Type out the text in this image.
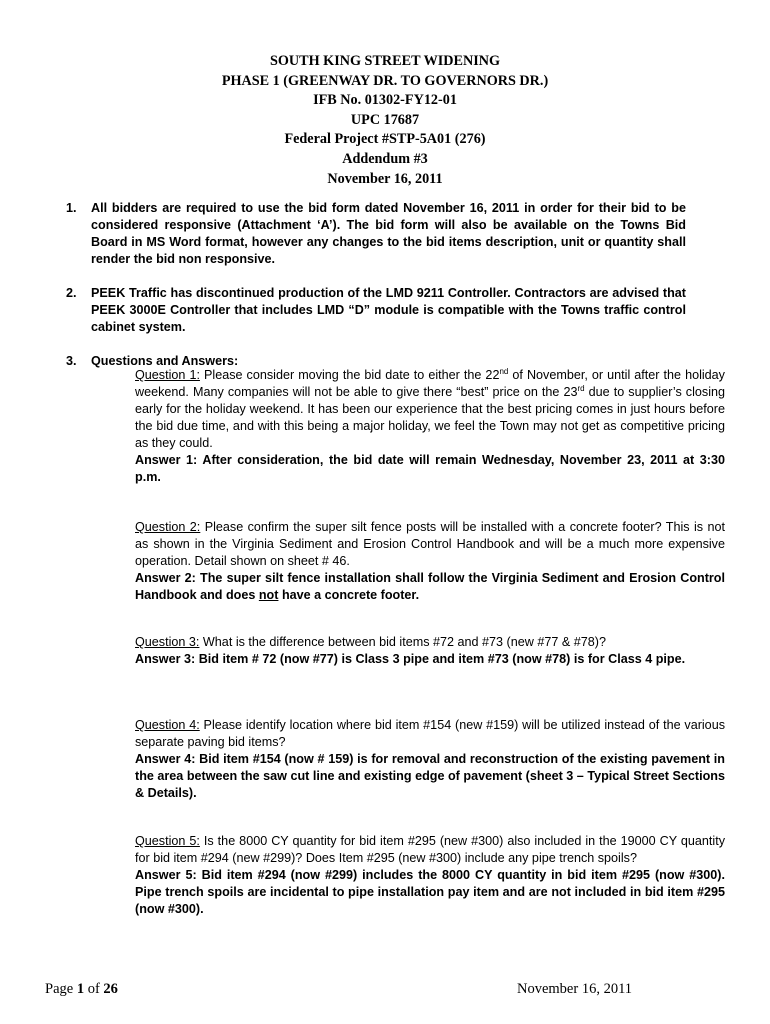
SOUTH KING STREET WIDENING
PHASE 1 (GREENWAY DR. TO GOVERNORS DR.)
IFB No. 01302-FY12-01
UPC 17687
Federal Project #STP-5A01 (276)
Addendum #3
November 16, 2011
1.	All bidders are required to use the bid form dated November 16, 2011 in order for their bid to be considered responsive (Attachment ‘A’). The bid form will also be available on the Towns Bid Board in MS Word format, however any changes to the bid items description, unit or quantity shall render the bid non responsive.
2.	PEEK Traffic has discontinued production of the LMD 9211 Controller. Contractors are advised that PEEK 3000E Controller that includes LMD “D” module is compatible with the Towns traffic control cabinet system.
3.	Questions and Answers:
Question 1: Please consider moving the bid date to either the 22nd of November, or until after the holiday weekend. Many companies will not be able to give there “best” price on the 23rd due to supplier’s closing early for the holiday weekend. It has been our experience that the best pricing comes in just hours before the bid due time, and with this being a major holiday, we feel the Town may not get as competitive pricing as they could.
Answer 1: After consideration, the bid date will remain Wednesday, November 23, 2011 at 3:30 p.m.
Question 2: Please confirm the super silt fence posts will be installed with a concrete footer? This is not as shown in the Virginia Sediment and Erosion Control Handbook and will be a much more expensive operation. Detail shown on sheet # 46.
Answer 2: The super silt fence installation shall follow the Virginia Sediment and Erosion Control Handbook and does not have a concrete footer.
Question 3: What is the difference between bid items #72 and #73 (new #77 & #78)?
Answer 3: Bid item # 72 (now #77) is Class 3 pipe and item #73 (now #78) is for Class 4 pipe.
Question 4: Please identify location where bid item #154 (new #159) will be utilized instead of the various separate paving bid items?
Answer 4: Bid item #154 (now # 159) is for removal and reconstruction of the existing pavement in the area between the saw cut line and existing edge of pavement (sheet 3 – Typical Street Sections & Details).
Question 5: Is the 8000 CY quantity for bid item #295 (new #300) also included in the 19000 CY quantity for bid item #294 (new #299)? Does Item #295 (new #300) include any pipe trench spoils?
Answer 5: Bid item #294 (now #299) includes the 8000 CY quantity in bid item #295 (now #300). Pipe trench spoils are incidental to pipe installation pay item and are not included in bid item #295 (now #300).
Page 1 of 26	November 16, 2011
